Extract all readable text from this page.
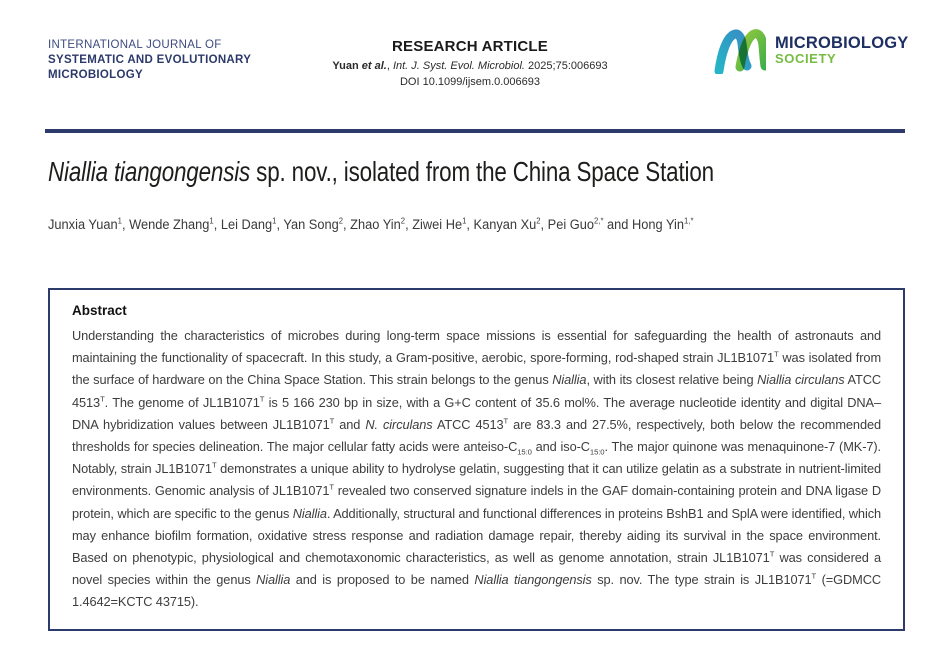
INTERNATIONAL JOURNAL OF
SYSTEMATIC AND EVOLUTIONARY
MICROBIOLOGY
RESEARCH ARTICLE
Yuan et al., Int. J. Syst. Evol. Microbiol. 2025;75:006693
DOI 10.1099/ijsem.0.006693
MICROBIOLOGY
SOCIETY
Niallia tiangongensis sp. nov., isolated from the China Space Station
Junxia Yuan$^1$, Wende Zhang$^1$, Lei Dang$^1$, Yan Song$^2$, Zhao Yin$^2$, Ziwei He$^1$, Kanyan Xu$^2$, Pei Guo$^{2,*}$ and Hong Yin$^{1,*}$
Abstract
Understanding the characteristics of microbes during long-term space missions is essential for safeguarding the health of astronauts and maintaining the functionality of spacecraft. In this study, a Gram-positive, aerobic, spore-forming, rod-shaped strain $JL1B1071^T$ was isolated from the surface of hardware on the China Space Station. This strain belongs to the genus Niallia, with its closest relative being Niallia circulans ATCC $4513^T$. The genome of $JL1B1071^T$ is 5 166 230 bp in size, with a G+C content of 35.6 mol%. The average nucleotide identity and digital DNA–DNA hybridization values between $JL1B1071^T$ and N. circulans ATCC $4513^T$ are 83.3 and 27.5%, respectively, both below the recommended thresholds for species delineation. The major cellular fatty acids were anteiso-$C_{15:0}$ and iso-$C_{15:0}$. The major quinone was menaquinone-7 (MK-7). Notably, strain $JL1B1071^T$ demonstrates a unique ability to hydrolyse gelatin, suggesting that it can utilize gelatin as a substrate in nutrient-limited environments. Genomic analysis of $JL1B1071^T$ revealed two conserved signature indels in the GAF domain-containing protein and DNA ligase D protein, which are specific to the genus Niallia. Additionally, structural and functional differences in proteins BshB1 and SplA were identified, which may enhance biofilm formation, oxidative stress response and radiation damage repair, thereby aiding its survival in the space environment. Based on phenotypic, physiological and chemotaxonomic characteristics, as well as genome annotation, strain $JL1B1071^T$ was considered a novel species within the genus Niallia and is proposed to be named Niallia tiangongensis sp. nov. The type strain is $JL1B1071^T$ (=GDMCC 1.4642=KCTC 43715).
